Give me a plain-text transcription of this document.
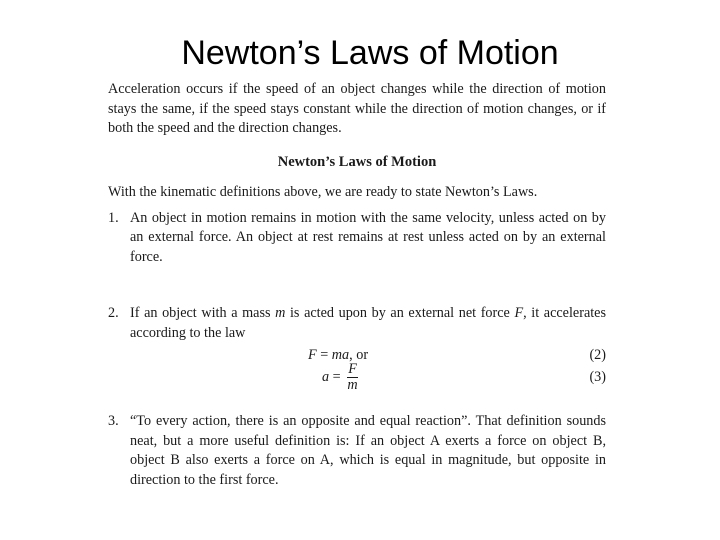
Newton’s Laws of Motion

Acceleration occurs if the speed of an object changes while the direction of motion stays the same, if the speed stays constant while the direction of motion changes, or if both the speed and the direction changes.

Newton’s Laws of Motion

With the kinematic definitions above, we are ready to state Newton’s Laws.

1. An object in motion remains in motion with the same velocity, unless acted on by an external force. An object at rest remains at rest unless acted on by an external force.
2. If an object with a mass m is acted upon by an external net force F, it accelerates according to the law
F = ma, or	(2)
$a = \frac{F}{m}$	(3)
3. “To every action, there is an opposite and equal reaction”. That definition sounds neat, but a more useful definition is: If an object A exerts a force on object B, object B also exerts a force on A, which is equal in magnitude, but opposite in direction to the first force.
